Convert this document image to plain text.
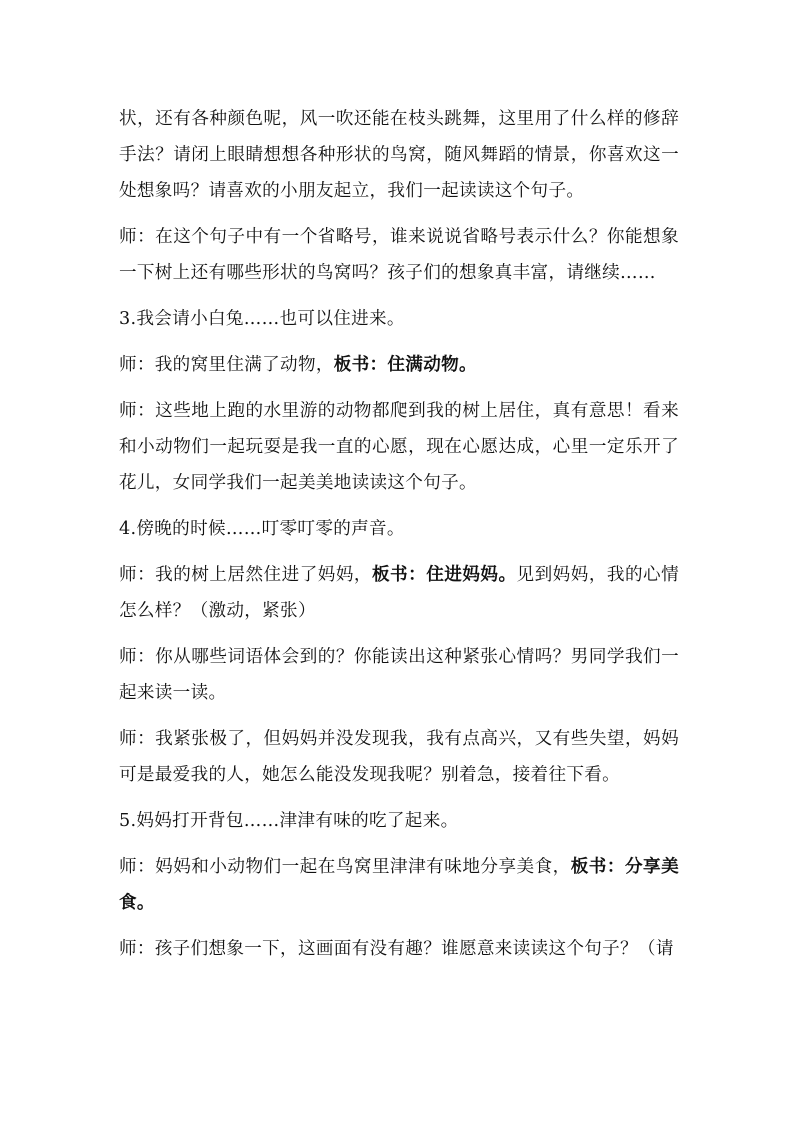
状，还有各种颜色呢，风一吹还能在枝头跳舞，这里用了什么样的修辞手法？请闭上眼睛想想各种形状的鸟窝，随风舞蹈的情景，你喜欢这一处想象吗？请喜欢的小朋友起立，我们一起读读这个句子。

师：在这个句子中有一个省略号，谁来说说省略号表示什么？你能想象一下树上还有哪些形状的鸟窝吗？孩子们的想象真丰富，请继续……

3.我会请小白兔……也可以住进来。

师：我的窝里住满了动物，板书：住满动物。

师：这些地上跑的水里游的动物都爬到我的树上居住，真有意思！看来和小动物们一起玩耍是我一直的心愿，现在心愿达成，心里一定乐开了花儿，女同学我们一起美美地读读这个句子。

4.傍晚的时候……叮零叮零的声音。

师：我的树上居然住进了妈妈，板书：住进妈妈。见到妈妈，我的心情怎么样？（激动，紧张）

师：你从哪些词语体会到的？你能读出这种紧张心情吗？男同学我们一起来读一读。

师：我紧张极了，但妈妈并没发现我，我有点高兴，又有些失望，妈妈可是最爱我的人，她怎么能没发现我呢？别着急，接着往下看。

5.妈妈打开背包……津津有味的吃了起来。

师：妈妈和小动物们一起在鸟窝里津津有味地分享美食，板书：分享美食。

师：孩子们想象一下，这画面有没有趣？谁愿意来读读这个句子？（请
